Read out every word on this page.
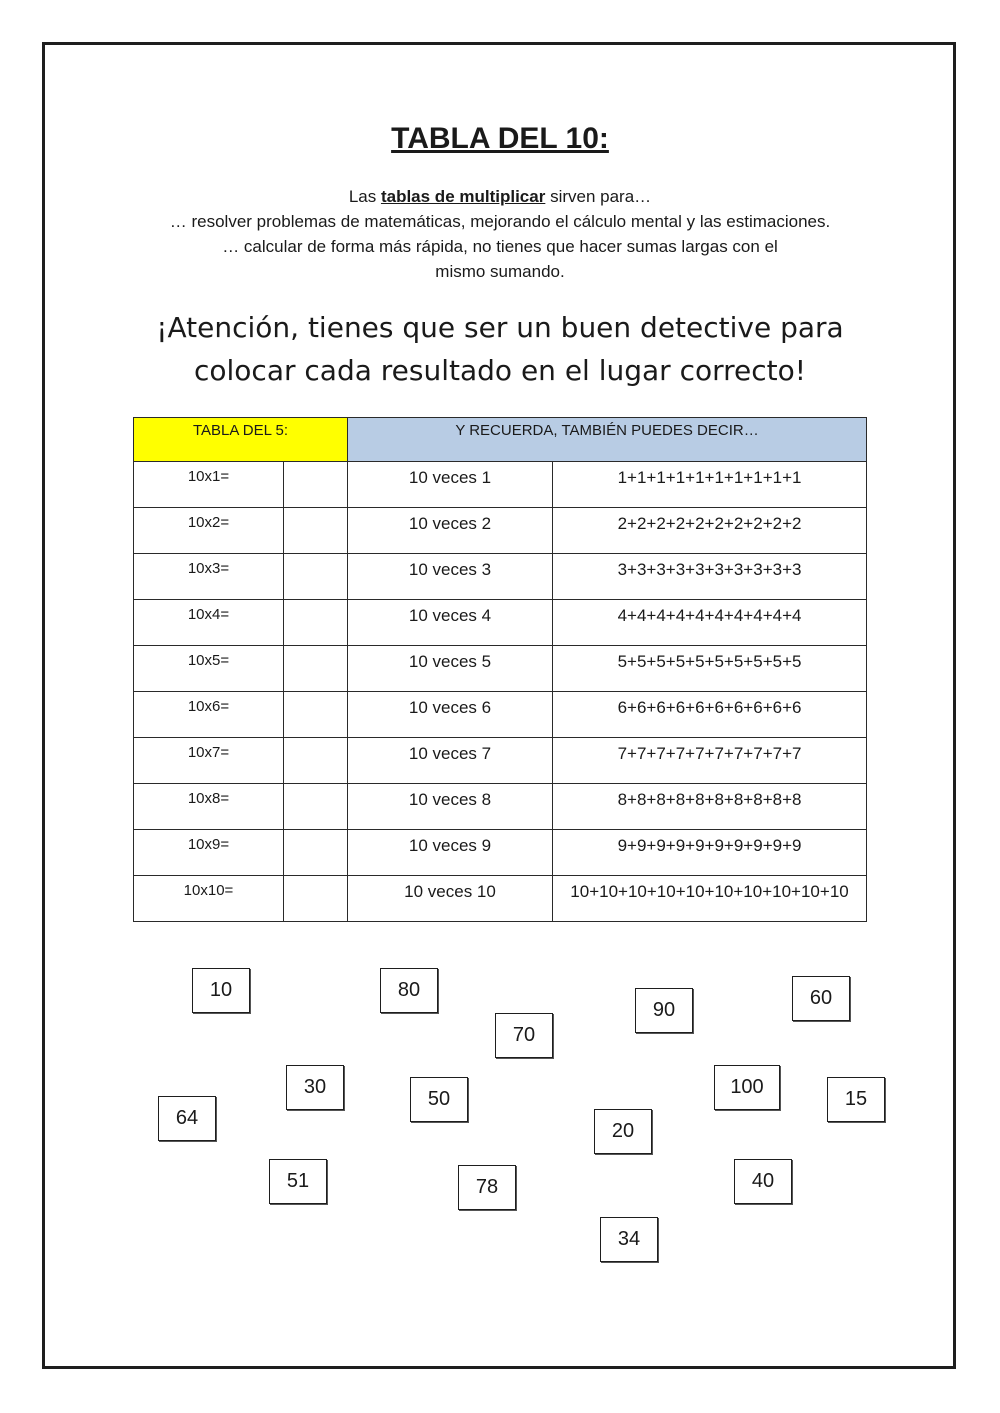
TABLA DEL 10:
Las tablas de multiplicar sirven para…
… resolver problemas de matemáticas, mejorando el cálculo mental y las estimaciones.
… calcular de forma más rápida, no tienes que hacer sumas largas con el mismo sumando.
¡Atención, tienes que ser un buen detective para colocar cada resultado en el lugar correcto!
TABLA DEL 5:		Y RECUERDA, TAMBIÉN PUEDES DECIR…	
10x1=		10 veces 1	1+1+1+1+1+1+1+1+1+1
10x2=		10 veces 2	2+2+2+2+2+2+2+2+2+2
10x3=		10 veces 3	3+3+3+3+3+3+3+3+3+3
10x4=		10 veces 4	4+4+4+4+4+4+4+4+4+4
10x5=		10 veces 5	5+5+5+5+5+5+5+5+5+5
10x6=		10 veces 6	6+6+6+6+6+6+6+6+6+6
10x7=		10 veces 7	7+7+7+7+7+7+7+7+7+7
10x8=		10 veces 8	8+8+8+8+8+8+8+8+8+8
10x9=		10 veces 9	9+9+9+9+9+9+9+9+9+9
10x10=		10 veces 10	10+10+10+10+10+10+10+10+10+10
10	80
70
90
60
30
50
100
15
64
20
51	78	40
34
